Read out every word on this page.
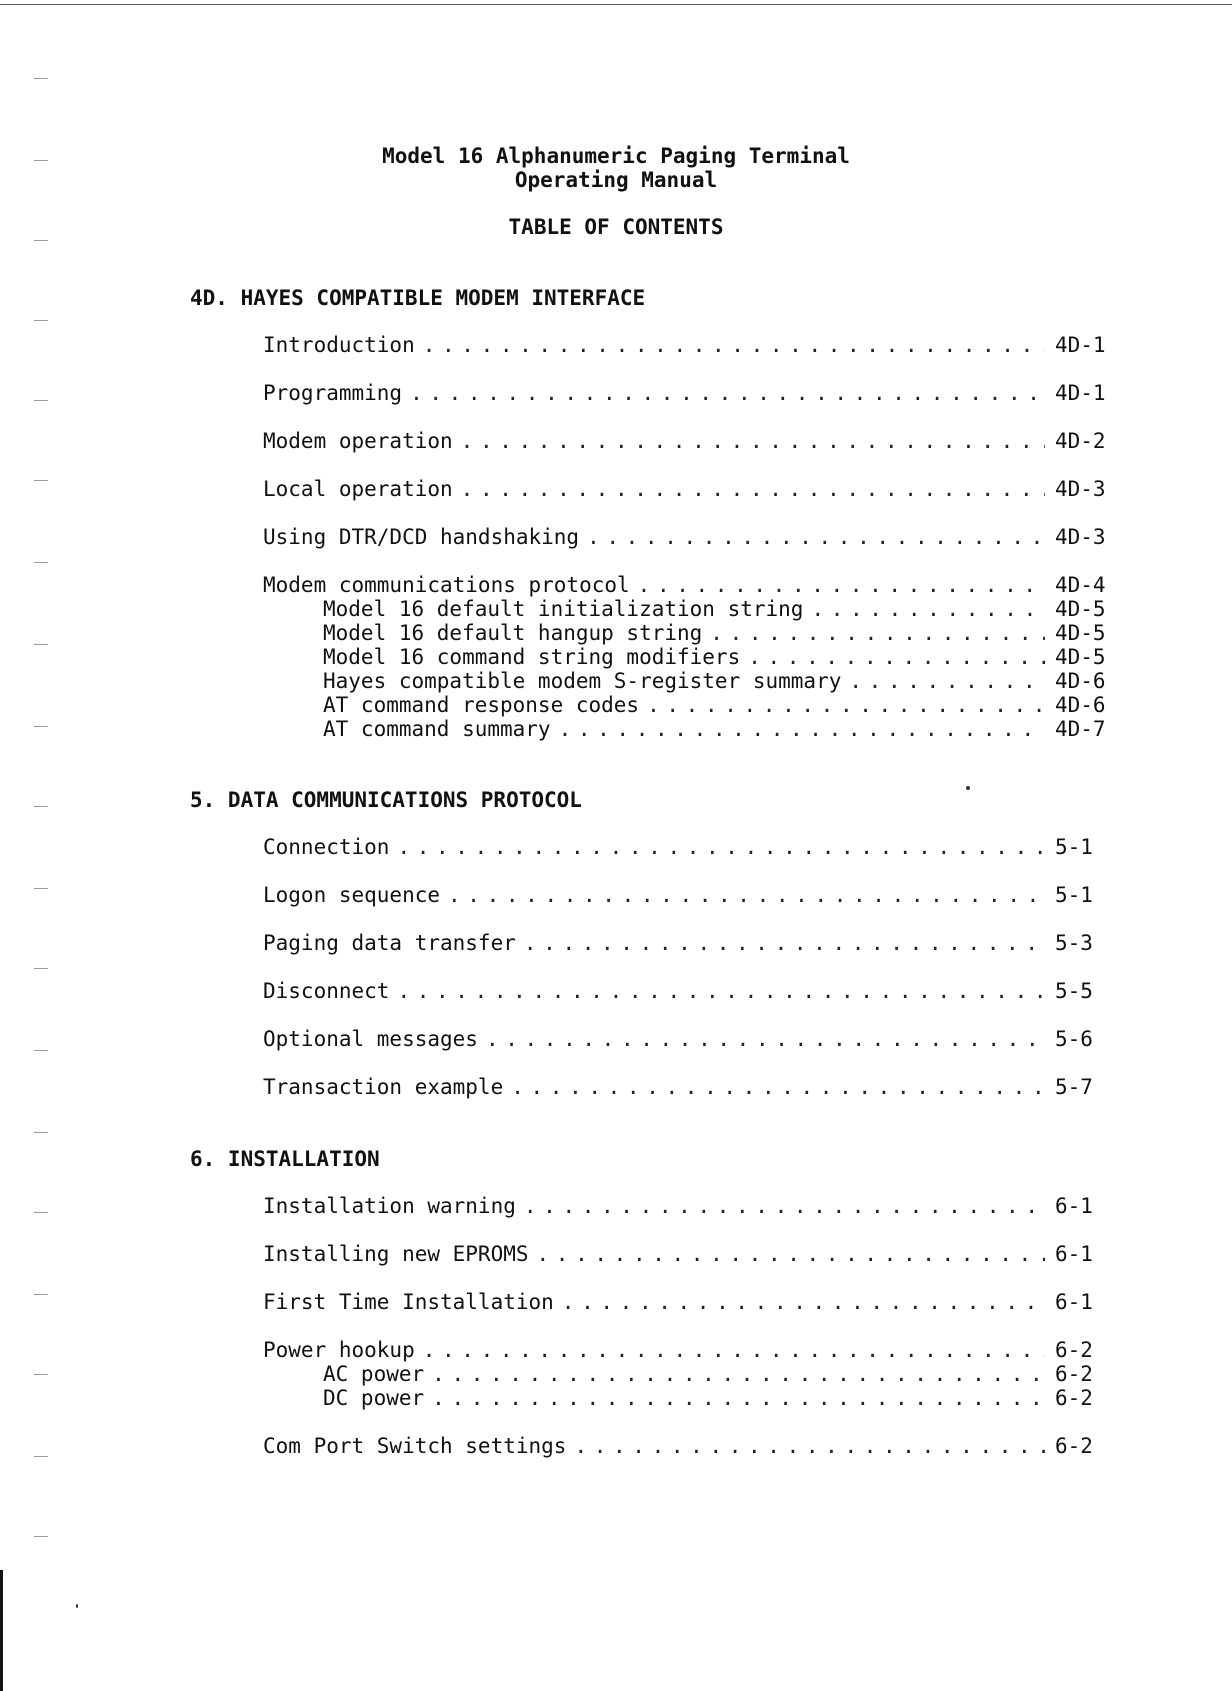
Model 16 Alphanumeric Paging Terminal
Operating Manual
TABLE OF CONTENTS
4D. HAYES COMPATIBLE MODEM INTERFACE
Introduction . . .	4D-1
Programming . . .	4D-1
Modem operation . . .	4D-2
Local operation . . .	4D-3
Using DTR/DCD handshaking . . .	4D-3
Modem communications protocol . . .	4D-4
Model 16 default initialization string . . .	4D-5
Model 16 default hangup string . . .	4D-5
Model 16 command string modifiers . . .	4D-5
Hayes compatible modem S-register summary . . .	4D-6
AT command response codes . . .	4D-6
AT command summary . . .	4D-7
5. DATA COMMUNICATIONS PROTOCOL
Connection . . .	5-1
Logon sequence . . .	5-1
Paging data transfer . . .	5-3
Disconnect . . .	5-5
Optional messages . . .	5-6
Transaction example . . .	5-7
6. INSTALLATION
Installation warning . . .	6-1
Installing new EPROMS . . .	6-1
First Time Installation . . .	6-1
Power hookup . . .	6-2
AC power . . .	6-2
DC power . . .	6-2
Com Port Switch settings . . .	6-2
